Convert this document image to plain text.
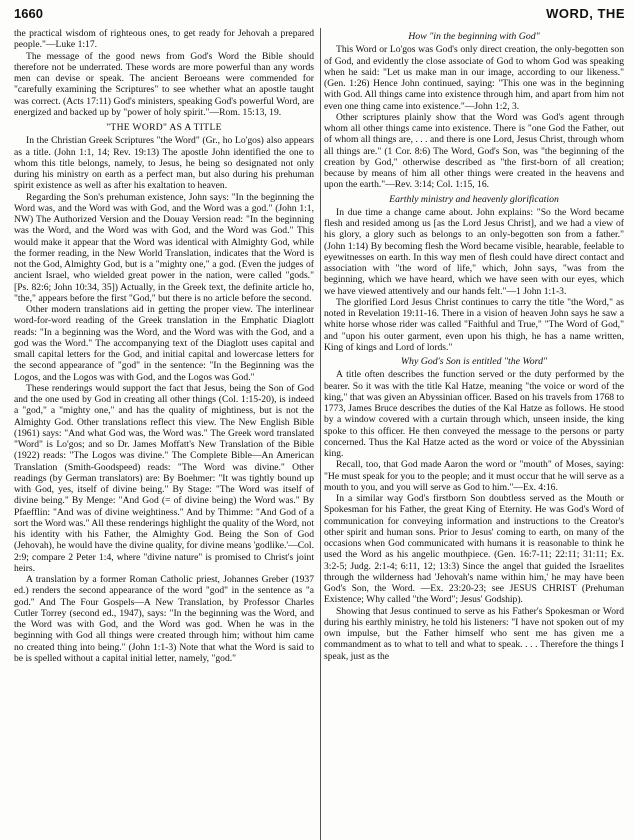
1660	WORD, THE

the practical wisdom of righteous ones, to get ready for Jehovah a prepared people."—Luke 1:17.

The message of the good news from God's Word the Bible should therefore not be underrated. These words are more powerful than any words men can devise or speak. The ancient Beroeans were commended for "carefully examining the Scriptures" to see whether what an apostle taught was correct. (Acts 17:11) God's ministers, speaking God's powerful Word, are energized and backed up by "power of holy spirit."—Rom. 15:13, 19.

"THE WORD" AS A TITLE

In the Christian Greek Scriptures "the Word" (Gr., ho Lo'gos) also appears as a title. (John 1:1, 14; Rev. 19:13) The apostle John identified the one to whom this title belongs, namely, to Jesus, he being so designated not only during his ministry on earth as a perfect man, but also during his prehuman spirit existence as well as after his exaltation to heaven.

Regarding the Son's prehuman existence, John says: "In the beginning the Word was, and the Word was with God, and the Word was a god." (John 1:1, NW) The Authorized Version and the Douay Version read: "In the beginning was the Word, and the Word was with God, and the Word was God." This would make it appear that the Word was identical with Almighty God, while the former reading, in the New World Translation, indicates that the Word is not the God, Almighty God, but is a "mighty one," a god. (Even the judges of ancient Israel, who wielded great power in the nation, were called "gods." [Ps. 82:6; John 10:34, 35]) Actually, in the Greek text, the definite article ho, "the," appears before the first "God," but there is no article before the second.

Other modern translations aid in getting the proper view. The interlinear word-for-word reading of the Greek translation in the Emphatic Diaglott reads: "In a beginning was the Word, and the Word was with the God, and a god was the Word." The accompanying text of the Diaglott uses capital and small capital letters for the God, and initial capital and lowercase letters for the second appearance of "god" in the sentence: "In the Beginning was the Logos, and the Logos was with God, and the Logos was God."

These renderings would support the fact that Jesus, being the Son of God and the one used by God in creating all other things (Col. 1:15-20), is indeed a "god," a "mighty one," and has the quality of mightiness, but is not the Almighty God. Other translations reflect this view. The New English Bible (1961) says: "And what God was, the Word was." The Greek word translated "Word" is Lo'gos; and so Dr. James Moffatt's New Translation of the Bible (1922) reads: "The Logos was divine." The Complete Bible—An American Translation (Smith-Goodspeed) reads: "The Word was divine." Other readings (by German translators) are: By Boehmer: "It was tightly bound up with God, yes, itself of divine being." By Stage: "The Word was itself of divine being." By Menge: "And God (= of divine being) the Word was." By Pfaefflin: "And was of divine weightiness." And by Thimme: "And God of a sort the Word was." All these renderings highlight the quality of the Word, not his identity with his Father, the Almighty God. Being the Son of God (Jehovah), he would have the divine quality, for divine means 'godlike.'—Col. 2:9; compare 2 Peter 1:4, where "divine nature" is promised to Christ's joint heirs.

A translation by a former Roman Catholic priest, Johannes Greber (1937 ed.) renders the second appearance of the word "god" in the sentence as "a god." And The Four Gospels—A New Translation, by Professor Charles Cutler Torrey (second ed., 1947), says: "In the beginning was the Word, and the Word was with God, and the Word was god. When he was in the beginning with God all things were created through him; without him came no created thing into being." (John 1:1-3) Note that what the Word is said to be is spelled without a capital initial letter, namely, "god."

How "in the beginning with God"

This Word or Lo'gos was God's only direct creation, the only-begotten son of God, and evidently the close associate of God to whom God was speaking when he said: "Let us make man in our image, according to our likeness." (Gen. 1:26) Hence John continued, saying: "This one was in the beginning with God. All things came into existence through him, and apart from him not even one thing came into existence."—John 1:2, 3.

Other scriptures plainly show that the Word was God's agent through whom all other things came into existence. There is "one God the Father, out of whom all things are, . . . and there is one Lord, Jesus Christ, through whom all things are." (1 Cor. 8:6) The Word, God's Son, was "the beginning of the creation by God," otherwise described as "the first-born of all creation; because by means of him all other things were created in the heavens and upon the earth."—Rev. 3:14; Col. 1:15, 16.

Earthly ministry and heavenly glorification

In due time a change came about. John explains: "So the Word became flesh and resided among us [as the Lord Jesus Christ], and we had a view of his glory, a glory such as belongs to an only-begotten son from a father." (John 1:14) By becoming flesh the Word became visible, hearable, feelable to eyewitnesses on earth. In this way men of flesh could have direct contact and association with "the word of life," which, John says, "was from the beginning, which we have heard, which we have seen with our eyes, which we have viewed attentively and our hands felt."—1 John 1:1-3.

The glorified Lord Jesus Christ continues to carry the title "the Word," as noted in Revelation 19:11-16. There in a vision of heaven John says he saw a white horse whose rider was called "Faithful and True," "The Word of God," and "upon his outer garment, even upon his thigh, he has a name written, King of kings and Lord of lords."

Why God's Son is entitled "the Word"

A title often describes the function served or the duty performed by the bearer. So it was with the title Kal Hatze, meaning "the voice or word of the king," that was given an Abyssinian officer. Based on his travels from 1768 to 1773, James Bruce describes the duties of the Kal Hatze as follows. He stood by a window covered with a curtain through which, unseen inside, the king spoke to this officer. He then conveyed the message to the persons or party concerned. Thus the Kal Hatze acted as the word or voice of the Abyssinian king.

Recall, too, that God made Aaron the word or "mouth" of Moses, saying: "He must speak for you to the people; and it must occur that he will serve as a mouth to you, and you will serve as God to him."—Ex. 4:16.

In a similar way God's firstborn Son doubtless served as the Mouth or Spokesman for his Father, the great King of Eternity. He was God's Word of communication for conveying information and instructions to the Creator's other spirit and human sons. Prior to Jesus' coming to earth, on many of the occasions when God communicated with humans it is reasonable to think he used the Word as his angelic mouthpiece. (Gen. 16:7-11; 22:11; 31:11; Ex. 3:2-5; Judg. 2:1-4; 6:11, 12; 13:3) Since the angel that guided the Israelites through the wilderness had 'Jehovah's name within him,' he may have been God's Son, the Word. —Ex. 23:20-23; see JESUS CHRIST (Prehuman Existence; Why called "the Word"; Jesus' Godship).

Showing that Jesus continued to serve as his Father's Spokesman or Word during his earthly ministry, he told his listeners: "I have not spoken out of my own impulse, but the Father himself who sent me has given me a commandment as to what to tell and what to speak. . . . Therefore the things I speak, just as the
